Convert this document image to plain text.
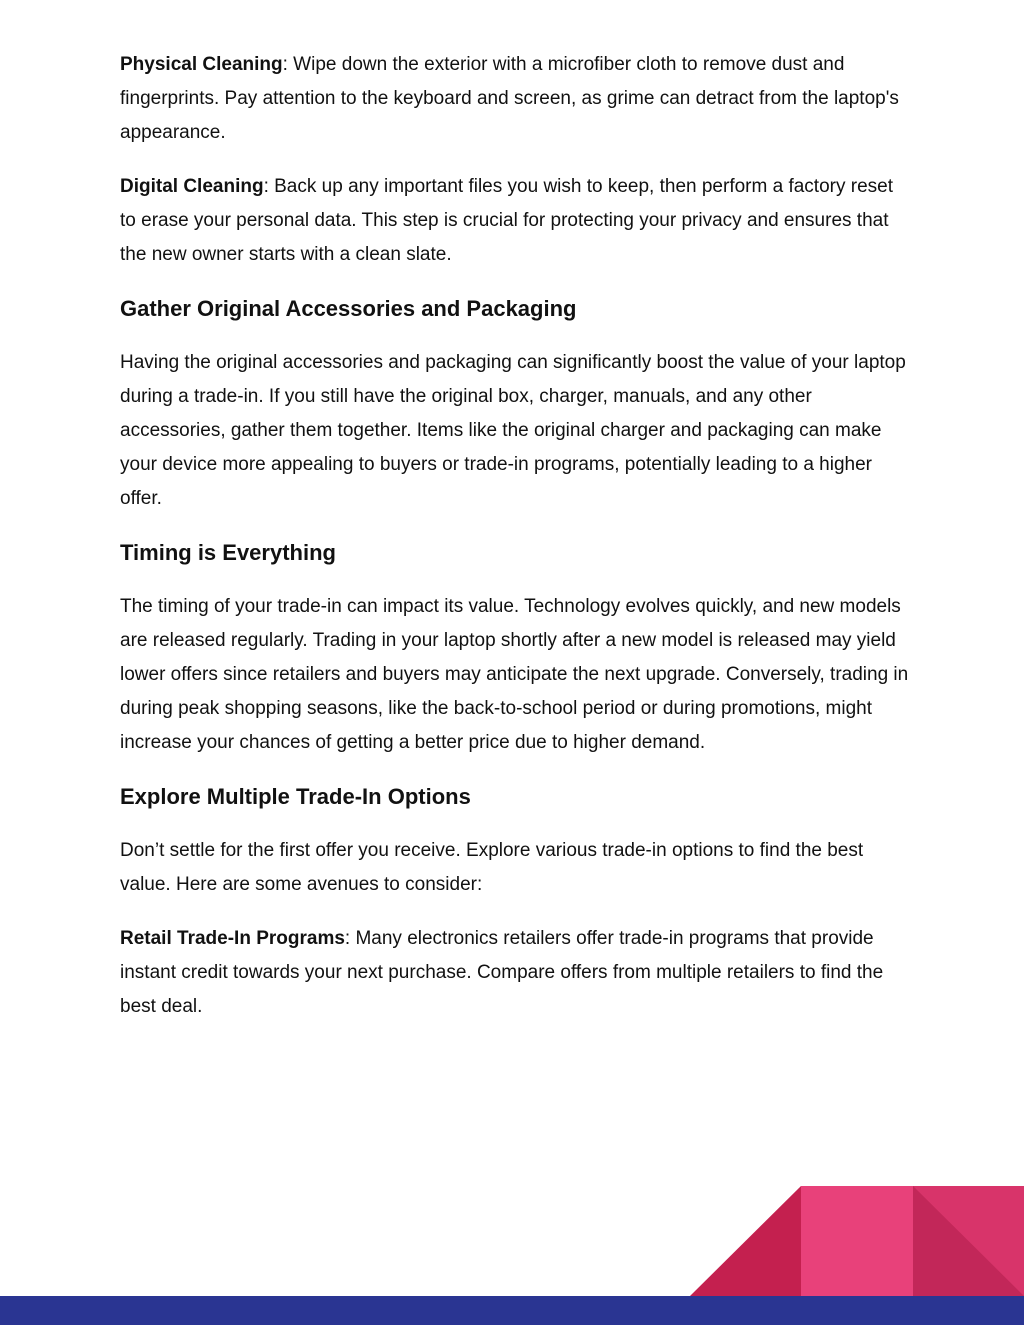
Physical Cleaning: Wipe down the exterior with a microfiber cloth to remove dust and fingerprints. Pay attention to the keyboard and screen, as grime can detract from the laptop's appearance.

Digital Cleaning: Back up any important files you wish to keep, then perform a factory reset to erase your personal data. This step is crucial for protecting your privacy and ensures that the new owner starts with a clean slate.

Gather Original Accessories and Packaging

Having the original accessories and packaging can significantly boost the value of your laptop during a trade-in. If you still have the original box, charger, manuals, and any other accessories, gather them together. Items like the original charger and packaging can make your device more appealing to buyers or trade-in programs, potentially leading to a higher offer.

Timing is Everything

The timing of your trade-in can impact its value. Technology evolves quickly, and new models are released regularly. Trading in your laptop shortly after a new model is released may yield lower offers since retailers and buyers may anticipate the next upgrade. Conversely, trading in during peak shopping seasons, like the back-to-school period or during promotions, might increase your chances of getting a better price due to higher demand.

Explore Multiple Trade-In Options

Don’t settle for the first offer you receive. Explore various trade-in options to find the best value. Here are some avenues to consider:

Retail Trade-In Programs: Many electronics retailers offer trade-in programs that provide instant credit towards your next purchase. Compare offers from multiple retailers to find the best deal.
